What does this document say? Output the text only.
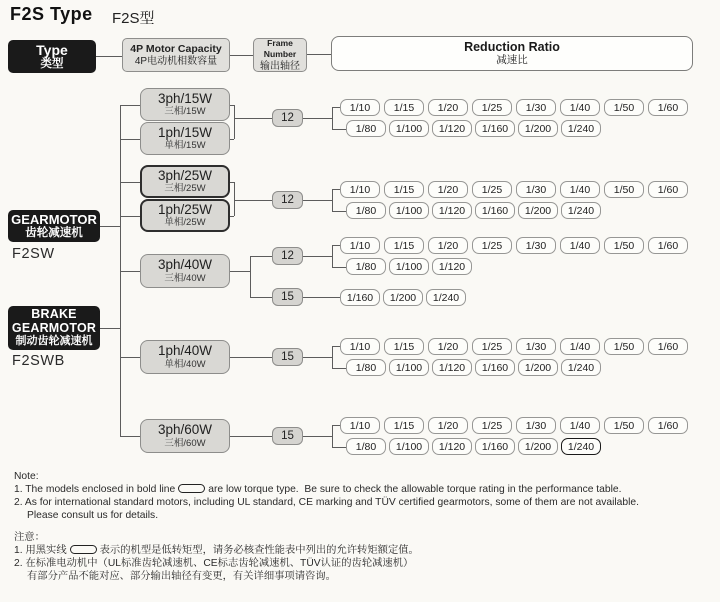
F2S Type F2S型
Type
类型
4P Motor Capacity
4P电动机相数容量
Frame Number
输出轴径
Reduction Ratio
减速比
GEARMOTOR
齿轮减速机
F2SW
BRAKE GEARMOTOR
制动齿轮减速机
F2SWB
3ph/15W
三相/15W
1ph/15W
单相/15W
12
1/10	1/15	1/20	1/25	1/30	1/40	1/50	1/60
1/80	1/100	1/120	1/160	1/200	1/240
3ph/25W
三相/25W
1ph/25W
单相/25W
12
1/10	1/15	1/20	1/25	1/30	1/40	1/50	1/60
1/80	1/100	1/120	1/160	1/200	1/240
3ph/40W
三相/40W
12
1/10	1/15	1/20	1/25	1/30	1/40	1/50	1/60
1/80	1/100	1/120
15	1/160	1/200	1/240
1ph/40W
单相/40W
15
1/10	1/15	1/20	1/25	1/30	1/40	1/50	1/60
1/80	1/100	1/120	1/160	1/200	1/240
3ph/60W
三相/60W
15
1/10	1/15	1/20	1/25	1/30	1/40	1/50	1/60
1/80	1/100	1/120	1/160	1/200	1/240
Note:
1. The models enclosed in bold line	are low torque type.  Be sure to check the allowable torque rating in the performance table.
2. As for international standard motors, including UL standard, CE marking and TÜV certified gearmotors, some of them are not available.
Please consult us for details.
注意：
1. 用黑实线	表示的机型是低转矩型，请务必核查性能表中列出的允许转矩额定值。
2. 在标准电动机中（UL标准齿轮减速机、CE标志齿轮减速机、TÜV认证的齿轮减速机）
有部分产品不能对应、部分输出轴径有变更，有关详细事项请咨询。
